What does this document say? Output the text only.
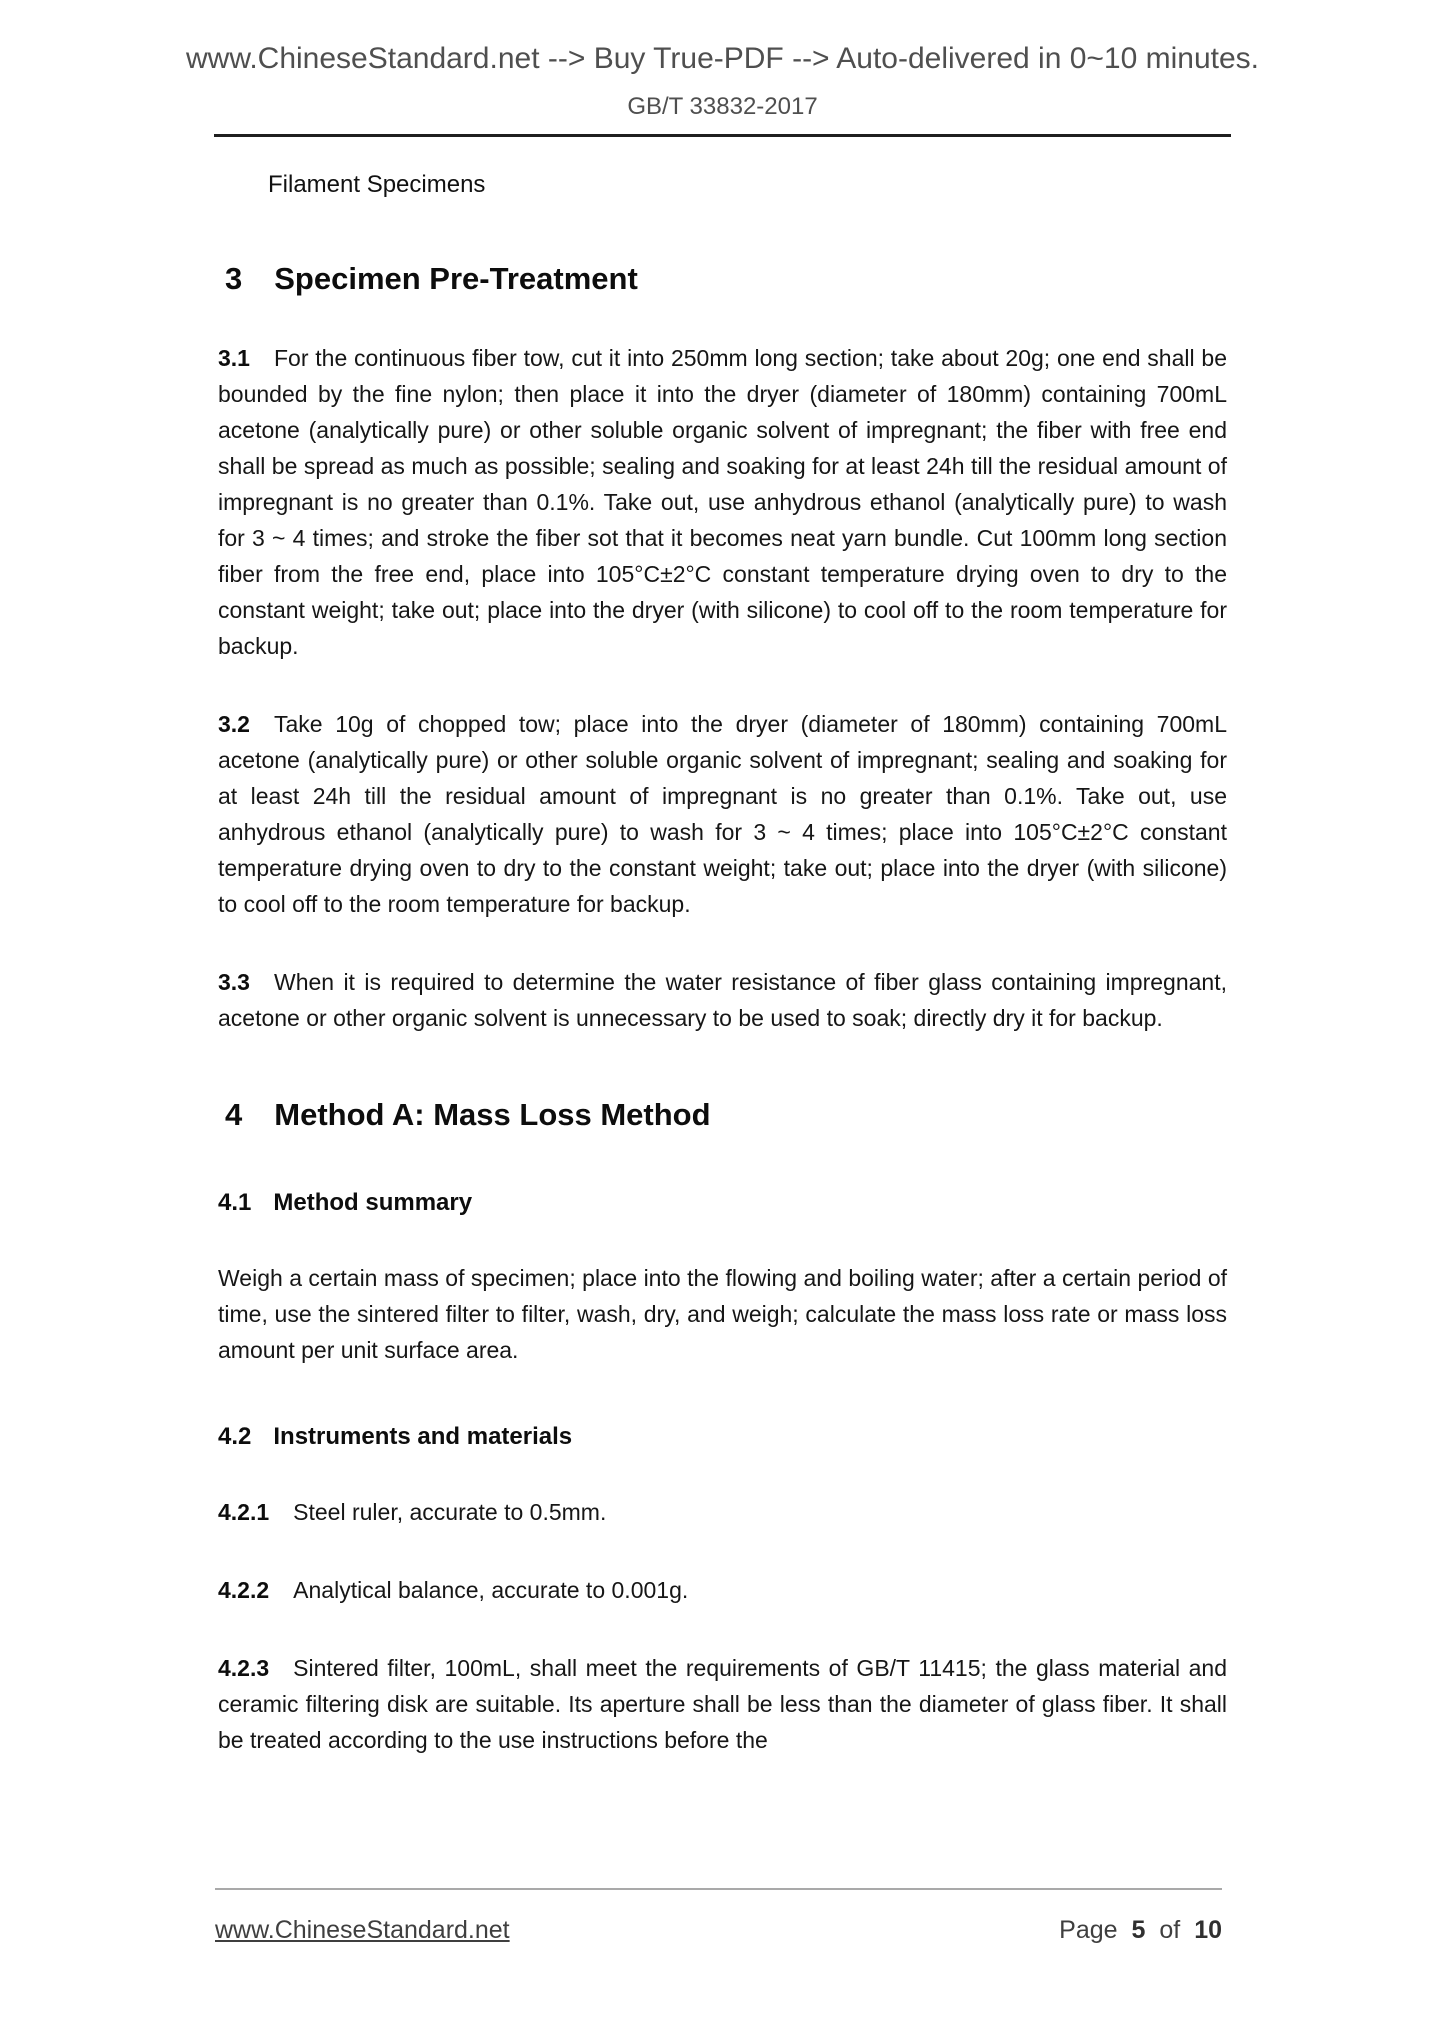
www.ChineseStandard.net --> Buy True-PDF --> Auto-delivered in 0~10 minutes.
GB/T 33832-2017
Filament Specimens
3 Specimen Pre-Treatment

3.1 For the continuous fiber tow, cut it into 250mm long section; take about 20g; one end shall be bounded by the fine nylon; then place it into the dryer (diameter of 180mm) containing 700mL acetone (analytically pure) or other soluble organic solvent of impregnant; the fiber with free end shall be spread as much as possible; sealing and soaking for at least 24h till the residual amount of impregnant is no greater than 0.1%. Take out, use anhydrous ethanol (analytically pure) to wash for 3 ~ 4 times; and stroke the fiber sot that it becomes neat yarn bundle. Cut 100mm long section fiber from the free end, place into 105°C±2°C constant temperature drying oven to dry to the constant weight; take out; place into the dryer (with silicone) to cool off to the room temperature for backup.

3.2 Take 10g of chopped tow; place into the dryer (diameter of 180mm) containing 700mL acetone (analytically pure) or other soluble organic solvent of impregnant; sealing and soaking for at least 24h till the residual amount of impregnant is no greater than 0.1%. Take out, use anhydrous ethanol (analytically pure) to wash for 3 ~ 4 times; place into 105°C±2°C constant temperature drying oven to dry to the constant weight; take out; place into the dryer (with silicone) to cool off to the room temperature for backup.

3.3 When it is required to determine the water resistance of fiber glass containing impregnant, acetone or other organic solvent is unnecessary to be used to soak; directly dry it for backup.

4 Method A: Mass Loss Method
4.1 Method summary

Weigh a certain mass of specimen; place into the flowing and boiling water; after a certain period of time, use the sintered filter to filter, wash, dry, and weigh; calculate the mass loss rate or mass loss amount per unit surface area.

4.2 Instruments and materials

4.2.1 Steel ruler, accurate to 0.5mm.

4.2.2 Analytical balance, accurate to 0.001g.

4.2.3 Sintered filter, 100mL, shall meet the requirements of GB/T 11415; the glass material and ceramic filtering disk are suitable. Its aperture shall be less than the diameter of glass fiber. It shall be treated according to the use instructions before the

www.ChineseStandard.net	Page 5 of 10
